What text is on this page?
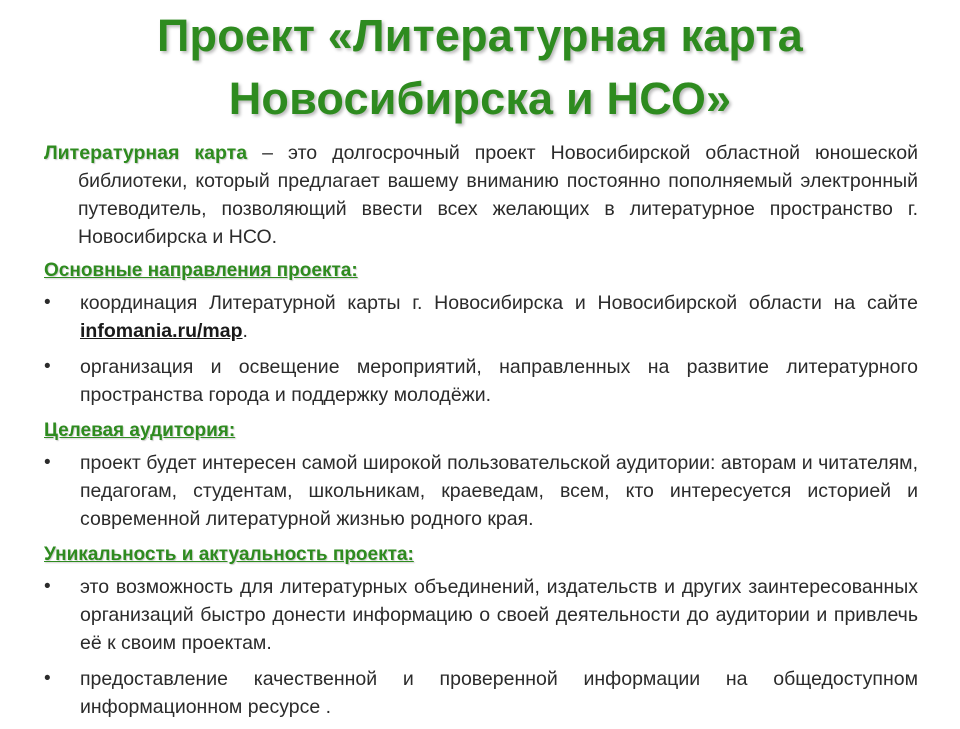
Проект «Литературная карта
Новосибирска и НСО»

Литературная карта – это долгосрочный проект Новосибирской областной юношеской библиотеки, который предлагает вашему вниманию постоянно пополняемый электронный путеводитель, позволяющий ввести всех желающих в литературное пространство г. Новосибирска и НСО.

Основные направления проекта:
•	координация Литературной карты г. Новосибирска и Новосибирской области на сайте infomania.ru/map.
•	организация и освещение мероприятий, направленных на развитие литературного пространства города и поддержку молодёжи.
Целевая аудитория:
•	проект будет интересен самой широкой пользовательской аудитории: авторам и читателям, педагогам, студентам, школьникам, краеведам, всем, кто интересуется историей и современной литературной жизнью родного края.
Уникальность и актуальность проекта:
•	это возможность для литературных объединений, издательств и других заинтересованных организаций быстро донести информацию о своей деятельности до аудитории и привлечь её к своим проектам.
•	предоставление качественной и проверенной информации на общедоступном информационном ресурсе .
